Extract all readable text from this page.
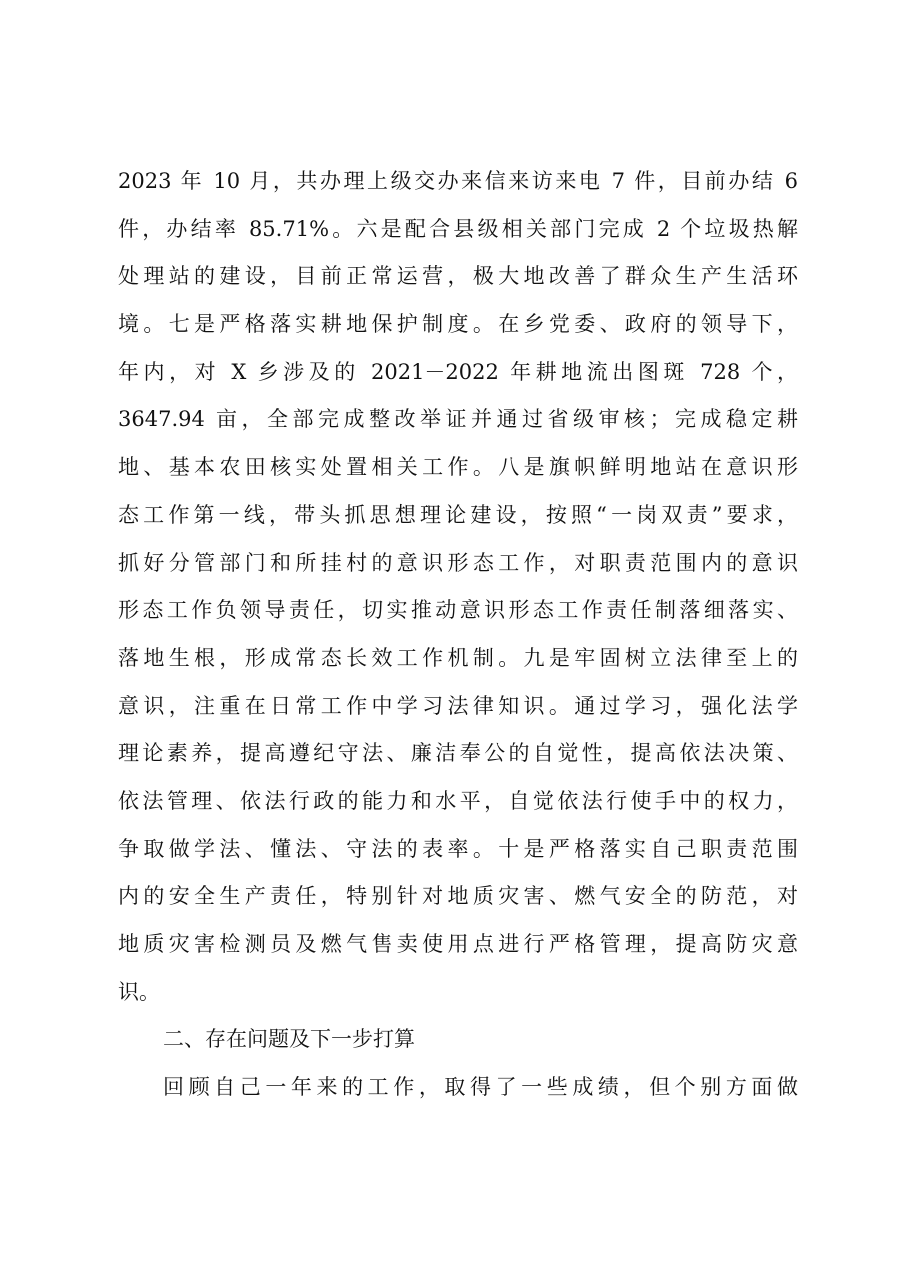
2023 年 10 月，共办理上级交办来信来访来电 7 件，目前办结 6
件，办结率 85.71%。六是配合县级相关部门完成 2 个垃圾热解
处理站的建设，目前正常运营，极大地改善了群众生产生活环
境。七是严格落实耕地保护制度。在乡党委、政府的领导下，
年内，对 X 乡涉及的 2021－2022 年耕地流出图斑 728 个，
3647.94 亩，全部完成整改举证并通过省级审核；完成稳定耕
地、基本农田核实处置相关工作。八是旗帜鲜明地站在意识形
态工作第一线，带头抓思想理论建设，按照“一岗双责”要求，
抓好分管部门和所挂村的意识形态工作，对职责范围内的意识
形态工作负领导责任，切实推动意识形态工作责任制落细落实、
落地生根，形成常态长效工作机制。九是牢固树立法律至上的
意识，注重在日常工作中学习法律知识。通过学习，强化法学
理论素养，提高遵纪守法、廉洁奉公的自觉性，提高依法决策、
依法管理、依法行政的能力和水平，自觉依法行使手中的权力，
争取做学法、懂法、守法的表率。十是严格落实自己职责范围
内的安全生产责任，特别针对地质灾害、燃气安全的防范，对
地质灾害检测员及燃气售卖使用点进行严格管理，提高防灾意
识。
二、存在问题及下一步打算
回顾自己一年来的工作，取得了一些成绩，但个别方面做
